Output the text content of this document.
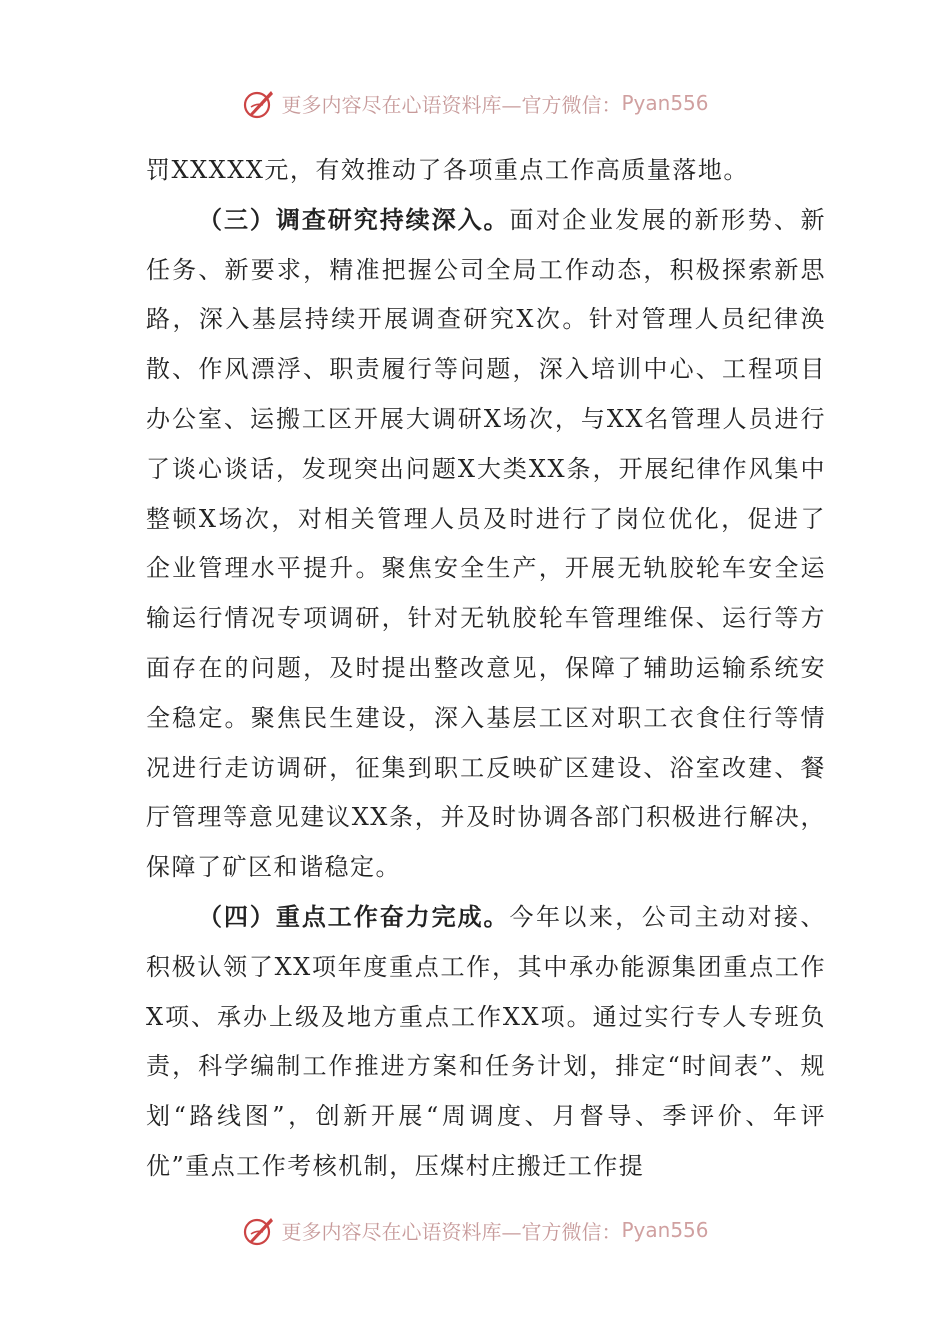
更多内容尽在心语资料库—官方微信： Pyan556

罚XXXXX元，有效推动了各项重点工作高质量落地。

（三）调查研究持续深入。面对企业发展的新形势、新任务、新要求，精准把握公司全局工作动态，积极探索新思路，深入基层持续开展调查研究X次。针对管理人员纪律涣散、作风漂浮、职责履行等问题，深入培训中心、工程项目办公室、运搬工区开展大调研X场次，与XX名管理人员进行了谈心谈话，发现突出问题X大类XX条，开展纪律作风集中整顿X场次，对相关管理人员及时进行了岗位优化，促进了企业管理水平提升。聚焦安全生产，开展无轨胶轮车安全运输运行情况专项调研，针对无轨胶轮车管理维保、运行等方面存在的问题，及时提出整改意见，保障了辅助运输系统安全稳定。聚焦民生建设，深入基层工区对职工衣食住行等情况进行走访调研，征集到职工反映矿区建设、浴室改建、餐厅管理等意见建议XX条，并及时协调各部门积极进行解决，保障了矿区和谐稳定。

（四）重点工作奋力完成。今年以来，公司主动对接、积极认领了XX项年度重点工作，其中承办能源集团重点工作X项、承办上级及地方重点工作XX项。通过实行专人专班负责，科学编制工作推进方案和任务计划，排定“时间表”、规划“路线图”，创新开展“周调度、月督导、季评价、年评优”重点工作考核机制，压煤村庄搬迁工作提

更多内容尽在心语资料库—官方微信： Pyan556
